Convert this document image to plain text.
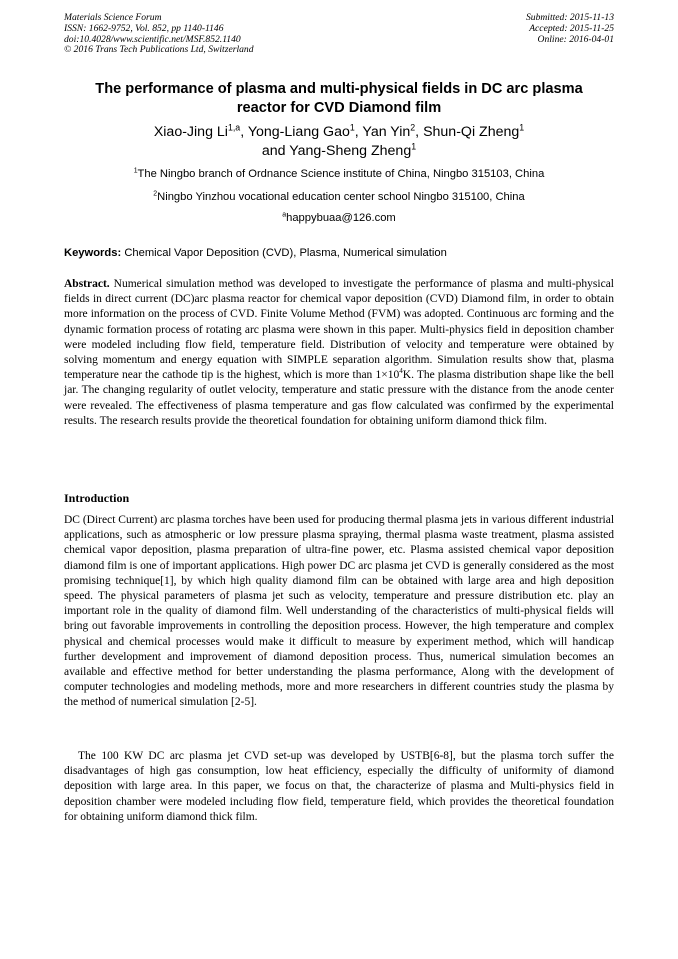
Materials Science Forum
ISSN: 1662-9752, Vol. 852, pp 1140-1146
doi:10.4028/www.scientific.net/MSF.852.1140
© 2016 Trans Tech Publications Ltd, Switzerland
Submitted: 2015-11-13
Accepted: 2015-11-25
Online: 2016-04-01
The performance of plasma and multi-physical fields in DC arc plasma
reactor for CVD Diamond film
Xiao-Jing Li$^{1,a}$, Yong-Liang Gao$^1$, Yan Yin$^2$, Shun-Qi Zheng$^1$
and Yang-Sheng Zheng$^1$
$^1$The Ningbo branch of Ordnance Science institute of China, Ningbo 315103, China
$^2$Ningbo Yinzhou vocational education center school Ningbo 315100, China
$^a$happybuaa@126.com
Keywords: Chemical Vapor Deposition (CVD), Plasma, Numerical simulation
Abstract. Numerical simulation method was developed to investigate the performance of plasma and multi-physical fields in direct current (DC)arc plasma reactor for chemical vapor deposition (CVD) Diamond film, in order to obtain more information on the process of CVD. Finite Volume Method (FVM) was adopted. Continuous arc forming and the dynamic formation process of rotating arc plasma were shown in this paper. Multi-physics field in deposition chamber were modeled including flow field, temperature field. Distribution of velocity and temperature were obtained by solving momentum and energy equation with SIMPLE separation algorithm. Simulation results show that, plasma temperature near the cathode tip is the highest, which is more than $1\times 10^4K$. The plasma distribution shape like the bell jar. The changing regularity of outlet velocity, temperature and static pressure with the distance from the anode center were revealed. The effectiveness of plasma temperature and gas flow calculated was confirmed by the experimental results. The research results provide the theoretical foundation for obtaining uniform diamond thick film.
Introduction
DC (Direct Current) arc plasma torches have been used for producing thermal plasma jets in various different industrial applications, such as atmospheric or low pressure plasma spraying, thermal plasma waste treatment, plasma assisted chemical vapor deposition, plasma preparation of ultra-fine power, etc. Plasma assisted chemical vapor deposition diamond film is one of important applications. High power DC arc plasma jet CVD is generally considered as the most promising technique[1], by which high quality diamond film can be obtained with large area and high deposition speed. The physical parameters of plasma jet such as velocity, temperature and pressure distribution etc. play an important role in the quality of diamond film. Well understanding of the characteristics of multi-physical fields will bring out favorable improvements in controlling the deposition process. However, the high temperature and complex physical and chemical processes would make it difficult to measure by experiment method, which will handicap further development and improvement of diamond deposition process. Thus, numerical simulation becomes an available and effective method for better understanding the plasma performance, Along with the development of computer technologies and modeling methods, more and more researchers in different countries study the plasma by the method of numerical simulation [2-5].
The 100 KW DC arc plasma jet CVD set-up was developed by USTB[6-8], but the plasma torch suffer the disadvantages of high gas consumption, low heat efficiency, especially the difficulty of uniformity of diamond deposition with large area. In this paper, we focus on that, the characterize of plasma and Multi-physics field in deposition chamber were modeled including flow field, temperature field, which provides the theoretical foundation for obtaining uniform diamond thick film.
